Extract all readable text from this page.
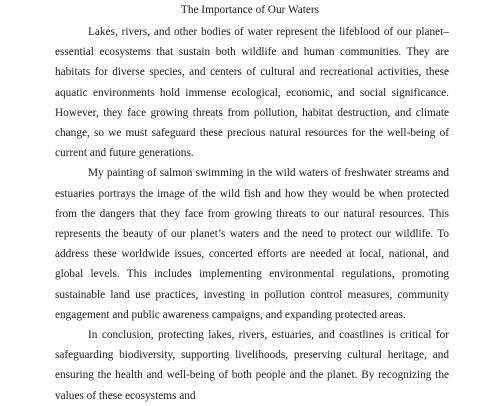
The Importance of Our Waters

Lakes, rivers, and other bodies of water represent the lifeblood of our planet–essential ecosystems that sustain both wildlife and human communities. They are habitats for diverse species, and centers of cultural and recreational activities, these aquatic environments hold immense ecological, economic, and social significance. However, they face growing threats from pollution, habitat destruction, and climate change, so we must safeguard these precious natural resources for the well-being of current and future generations.

My painting of salmon swimming in the wild waters of freshwater streams and estuaries portrays the image of the wild fish and how they would be when protected from the dangers that they face from growing threats to our natural resources. This represents the beauty of our planet’s waters and the need to protect our wildlife. To address these worldwide issues, concerted efforts are needed at local, national, and global levels. This includes implementing environmental regulations, promoting sustainable land use practices, investing in pollution control measures, community engagement and public awareness campaigns, and expanding protected areas.

In conclusion, protecting lakes, rivers, estuaries, and coastlines is critical for safeguarding biodiversity, supporting livelihoods, preserving cultural heritage, and ensuring the health and well-being of both people and the planet. By recognizing the values of these ecosystems and
